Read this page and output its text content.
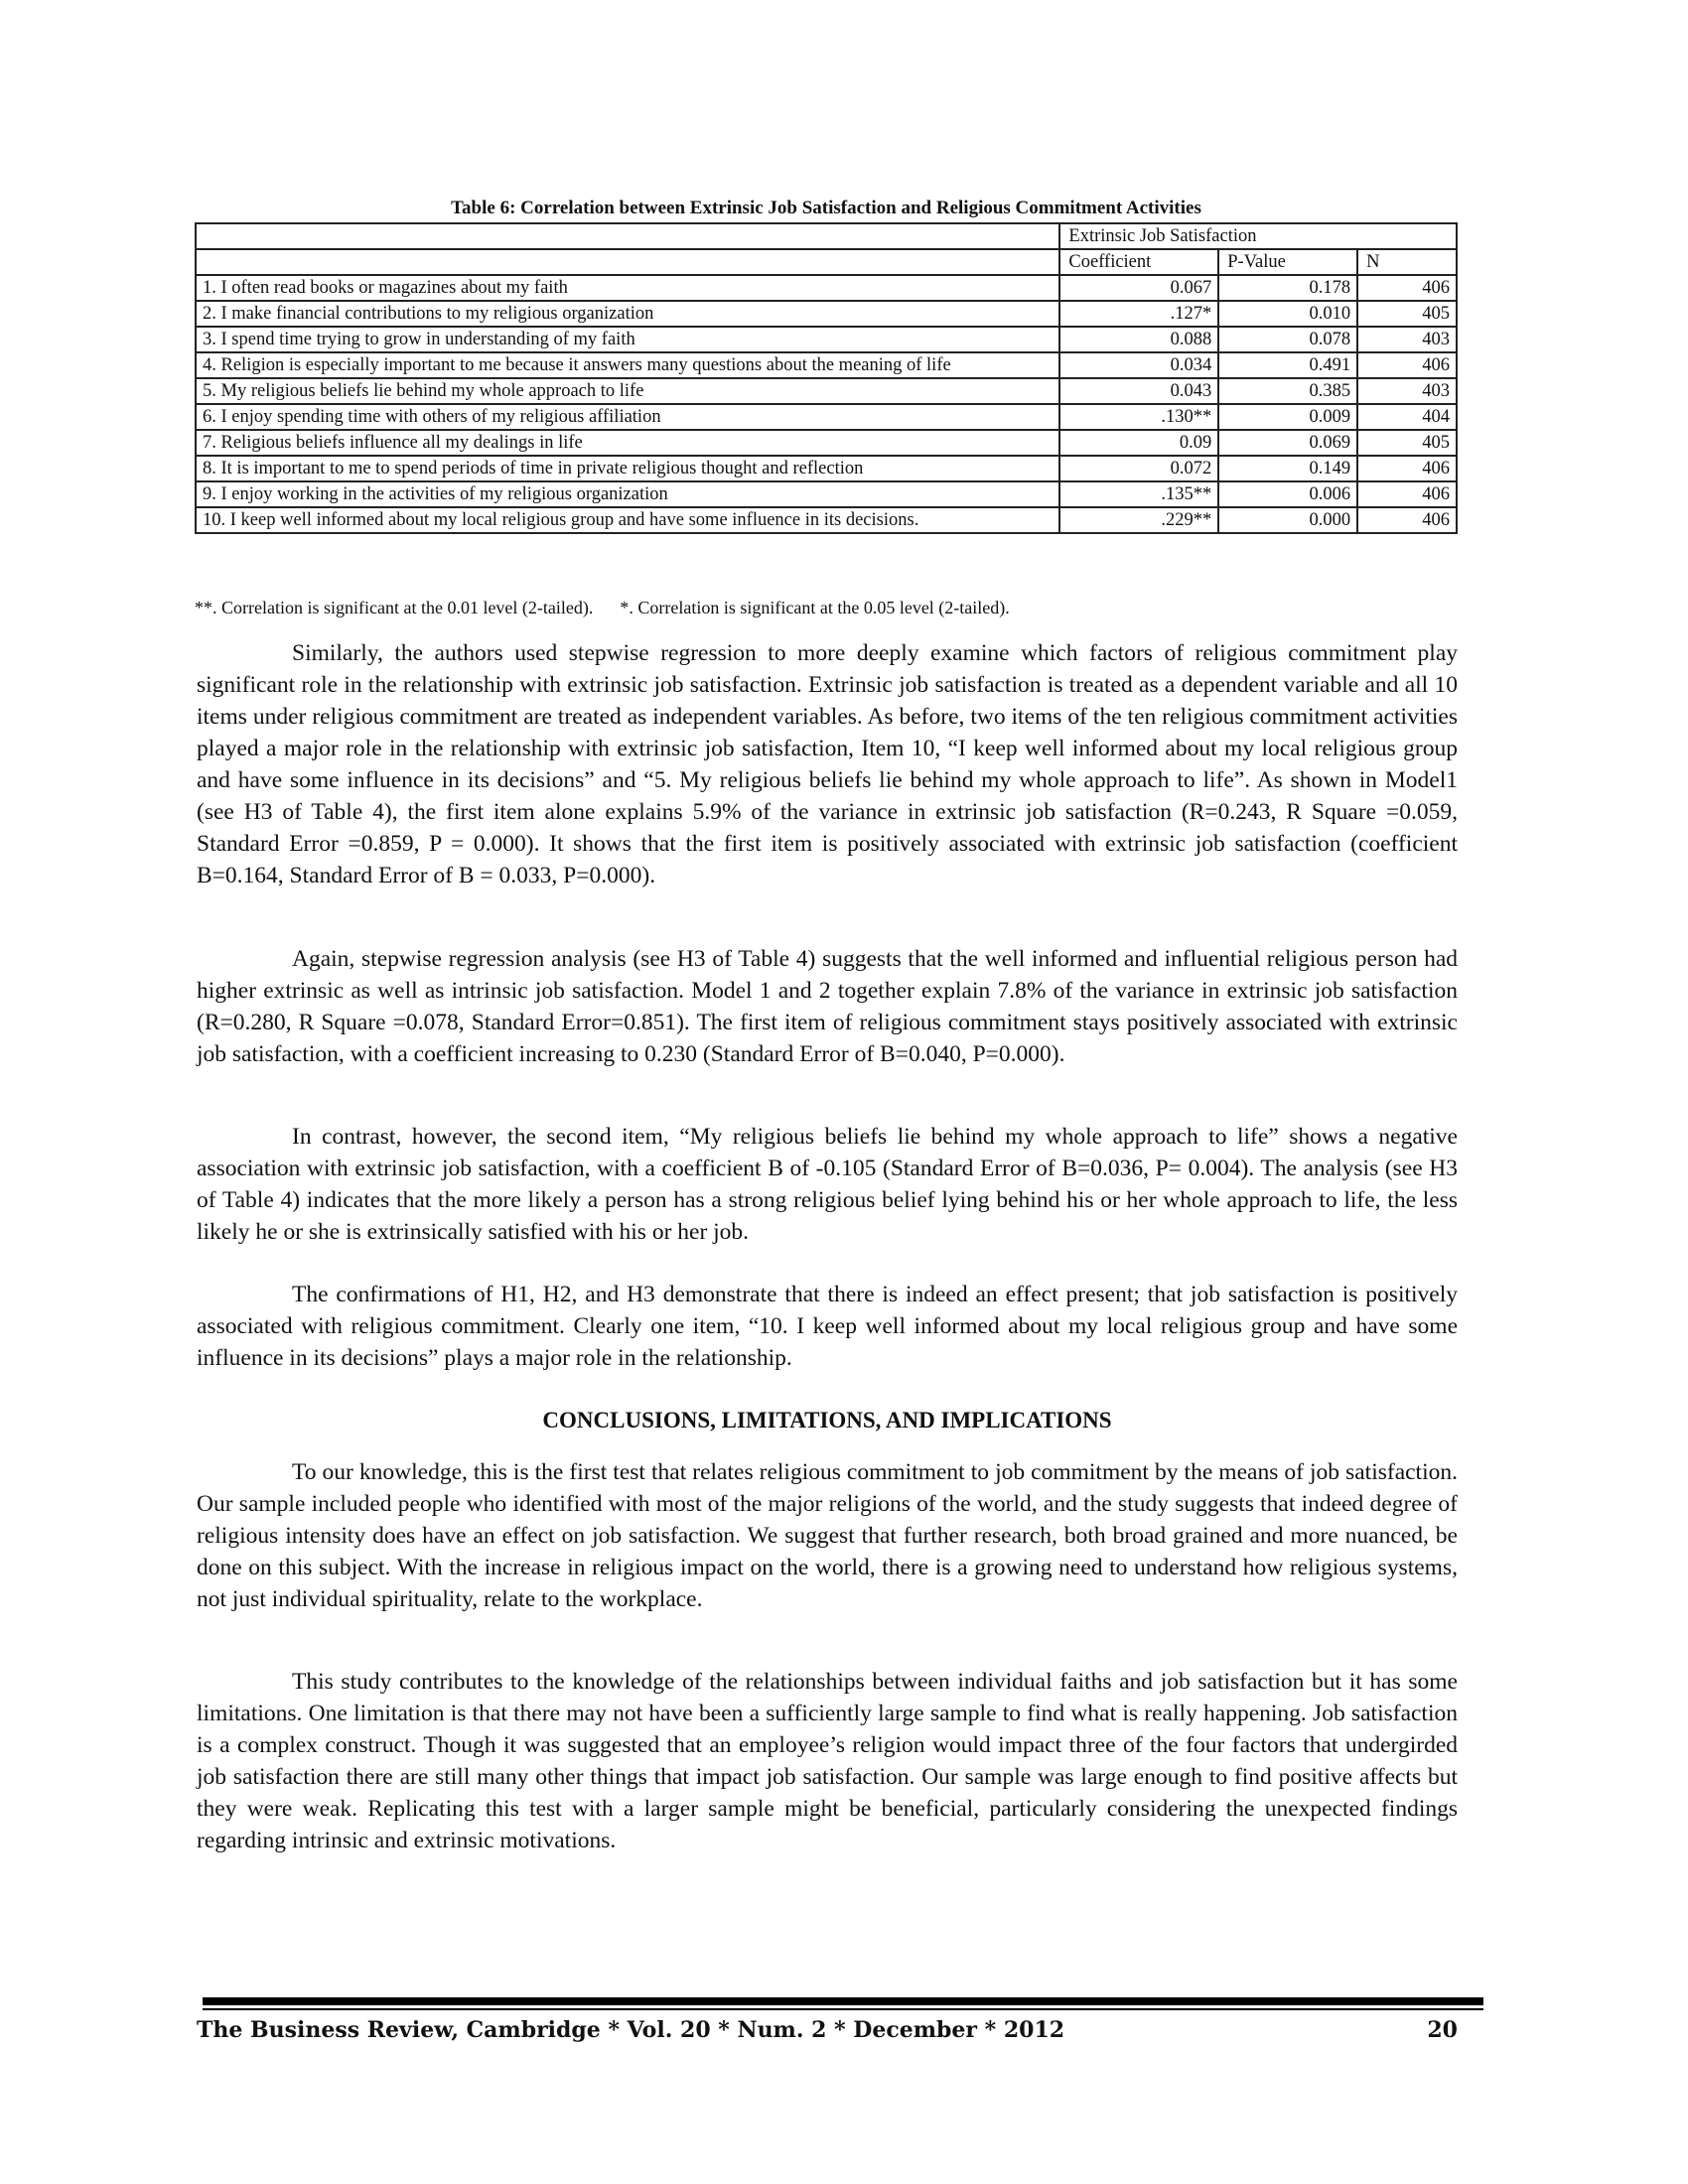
Table 6: Correlation between Extrinsic Job Satisfaction and Religious Commitment Activities
	Extrinsic Job Satisfaction		
	Coefficient	P-Value	N
1. I often read books or magazines about my faith	0.067	0.178	406
2. I make financial contributions to my religious organization	.127*	0.010	405
3. I spend time trying to grow in understanding of my faith	0.088	0.078	403
4. Religion is especially important to me because it answers many questions about the meaning of life	0.034	0.491	406
5. My religious beliefs lie behind my whole approach to life	0.043	0.385	403
6. I enjoy spending time with others of my religious affiliation	.130**	0.009	404
7. Religious beliefs influence all my dealings in life	0.09	0.069	405
8. It is important to me to spend periods of time in private religious thought and reflection	0.072	0.149	406
9. I enjoy working in the activities of my religious organization	.135**	0.006	406
10. I keep well informed about my local religious group and have some influence in its decisions.	.229**	0.000	406
**. Correlation is significant at the 0.01 level (2-tailed).      *. Correlation is significant at the 0.05 level (2-tailed).

Similarly, the authors used stepwise regression to more deeply examine which factors of religious commitment play significant role in the relationship with extrinsic job satisfaction. Extrinsic job satisfaction is treated as a dependent variable and all 10 items under religious commitment are treated as independent variables. As before, two items of the ten religious commitment activities played a major role in the relationship with extrinsic job satisfaction, Item 10, “I keep well informed about my local religious group and have some influence in its decisions” and “5. My religious beliefs lie behind my whole approach to life”. As shown in Model1 (see H3 of Table 4), the first item alone explains 5.9% of the variance in extrinsic job satisfaction (R=0.243, R Square =0.059, Standard Error =0.859, P = 0.000). It shows that the first item is positively associated with extrinsic job satisfaction (coefficient B=0.164, Standard Error of B = 0.033, P=0.000).

Again, stepwise regression analysis (see H3 of Table 4) suggests that the well informed and influential religious person had higher extrinsic as well as intrinsic job satisfaction. Model 1 and 2 together explain 7.8% of the variance in extrinsic job satisfaction (R=0.280, R Square =0.078, Standard Error=0.851). The first item of religious commitment stays positively associated with extrinsic job satisfaction, with a coefficient increasing to 0.230 (Standard Error of B=0.040, P=0.000).

In contrast, however, the second item, “My religious beliefs lie behind my whole approach to life” shows a negative association with extrinsic job satisfaction, with a coefficient B of -0.105 (Standard Error of B=0.036, P= 0.004). The analysis (see H3 of Table 4) indicates that the more likely a person has a strong religious belief lying behind his or her whole approach to life, the less likely he or she is extrinsically satisfied with his or her job.

The confirmations of H1, H2, and H3 demonstrate that there is indeed an effect present; that job satisfaction is positively associated with religious commitment. Clearly one item, “10. I keep well informed about my local religious group and have some influence in its decisions” plays a major role in the relationship.

CONCLUSIONS, LIMITATIONS, AND IMPLICATIONS

To our knowledge, this is the first test that relates religious commitment to job commitment by the means of job satisfaction. Our sample included people who identified with most of the major religions of the world, and the study suggests that indeed degree of religious intensity does have an effect on job satisfaction. We suggest that further research, both broad grained and more nuanced, be done on this subject. With the increase in religious impact on the world, there is a growing need to understand how religious systems, not just individual spirituality, relate to the workplace.

This study contributes to the knowledge of the relationships between individual faiths and job satisfaction but it has some limitations. One limitation is that there may not have been a sufficiently large sample to find what is really happening. Job satisfaction is a complex construct. Though it was suggested that an employee’s religion would impact three of the four factors that undergirded job satisfaction there are still many other things that impact job satisfaction. Our sample was large enough to find positive affects but they were weak. Replicating this test with a larger sample might be beneficial, particularly considering the unexpected findings regarding intrinsic and extrinsic motivations.

The Business Review, Cambridge * Vol. 20 * Num. 2 * December * 2012	20
